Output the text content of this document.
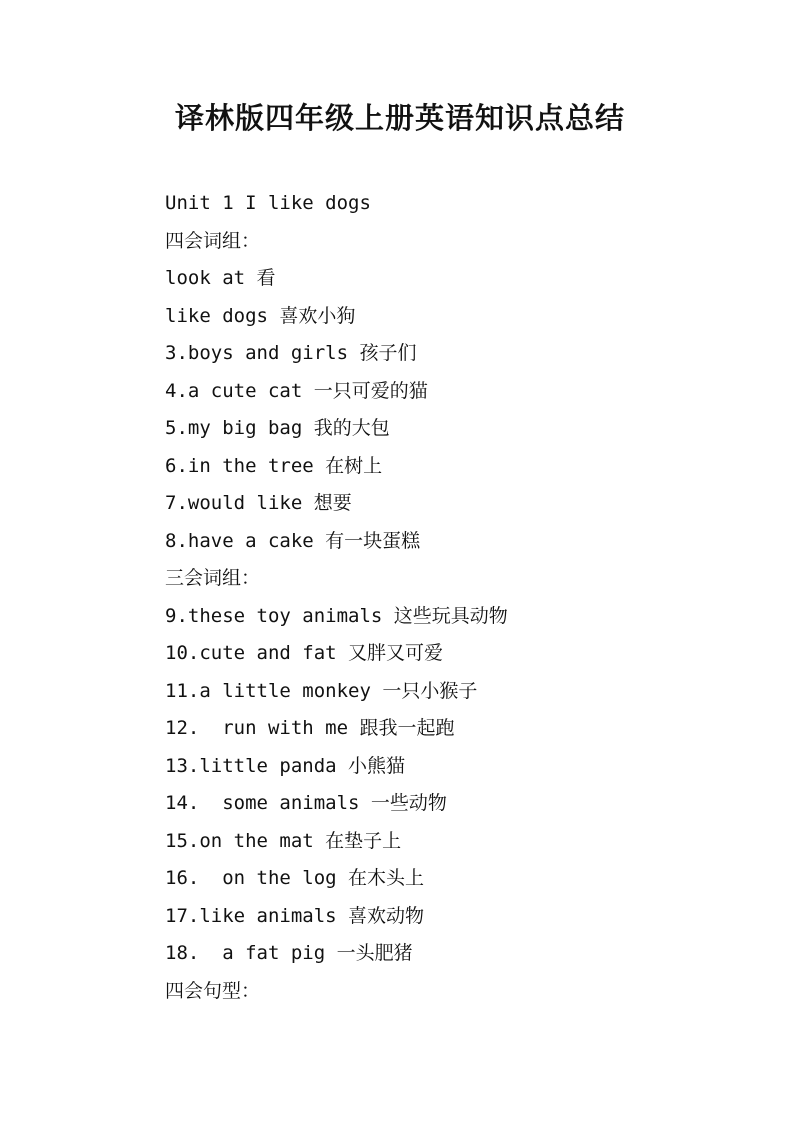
译林版四年级上册英语知识点总结
Unit 1 I like dogs
四会词组：
look at 看
like dogs 喜欢小狗
3.boys and girls 孩子们
4.a cute cat 一只可爱的猫
5.my big bag 我的大包
6.in the tree 在树上
7.would like 想要
8.have a cake 有一块蛋糕
三会词组：
9.these toy animals 这些玩具动物
10.cute and fat 又胖又可爱
11.a little monkey 一只小猴子
12.  run with me 跟我一起跑
13.little panda 小熊猫
14.  some animals 一些动物
15.on the mat 在垫子上
16.  on the log 在木头上
17.like animals 喜欢动物
18.  a fat pig 一头肥猪
四会句型：
